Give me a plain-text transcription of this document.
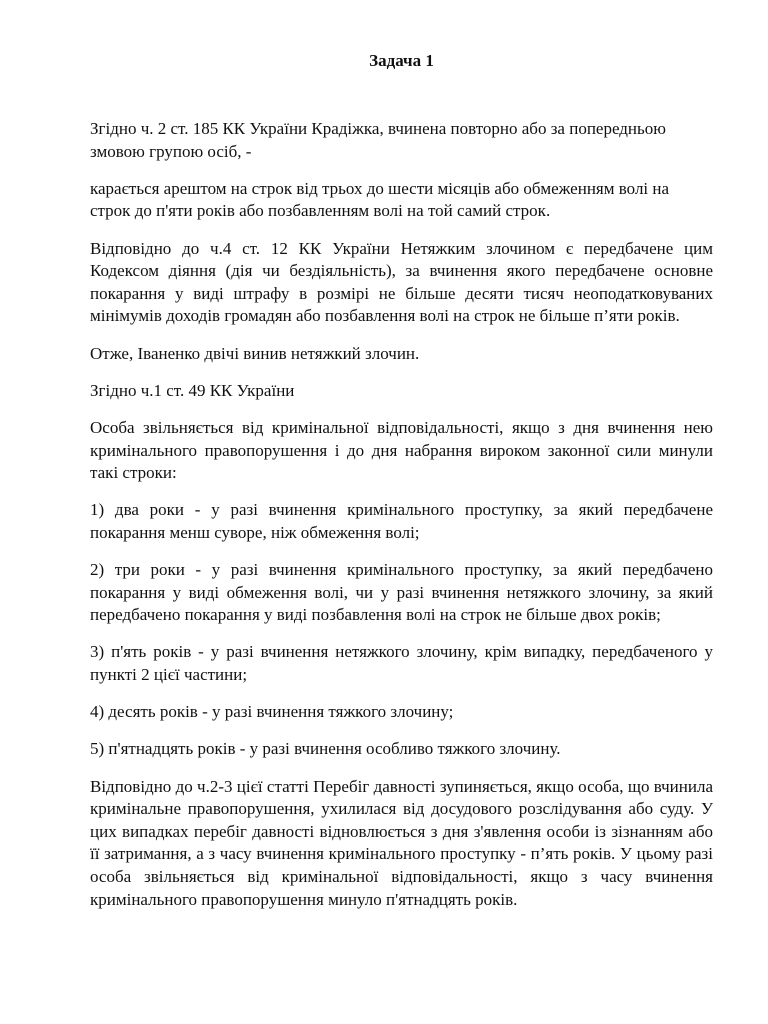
Задача 1

Згідно ч. 2 ст. 185 КК України Крадіжка, вчинена повторно або за попередньою змовою групою осіб, -

карається арештом на строк від трьох до шести місяців або обмеженням волі на строк до п'яти років або позбавленням волі на той самий строк.

Відповідно до ч.4 ст. 12 КК України Нетяжким злочином є передбачене цим Кодексом діяння (дія чи бездіяльність), за вчинення якого передбачене основне покарання у виді штрафу в розмірі не більше десяти тисяч неоподатковуваних мінімумів доходів громадян або позбавлення волі на строк не більше п’яти років.

Отже, Іваненко двічі винив нетяжкий злочин.

Згідно ч.1 ст. 49 КК України

Особа звільняється від кримінальної відповідальності, якщо з дня вчинення нею кримінального правопорушення і до дня набрання вироком законної сили минули такі строки:

1) два роки - у разі вчинення кримінального проступку, за який передбачене покарання менш суворе, ніж обмеження волі;

2) три роки - у разі вчинення кримінального проступку, за який передбачено покарання у виді обмеження волі, чи у разі вчинення нетяжкого злочину, за який передбачено покарання у виді позбавлення волі на строк не більше двох років;

3) п'ять років - у разі вчинення нетяжкого злочину, крім випадку, передбаченого у пункті 2 цієї частини;

4) десять років - у разі вчинення тяжкого злочину;

5) п'ятнадцять років - у разі вчинення особливо тяжкого злочину.

Відповідно до ч.2-3 цієї статті Перебіг давності зупиняється, якщо особа, що вчинила кримінальне правопорушення, ухилилася від досудового розслідування або суду. У цих випадках перебіг давності відновлюється з дня з'явлення особи із зізнанням або її затримання, а з часу вчинення кримінального проступку - п’ять років. У цьому разі особа звільняється від кримінальної відповідальності, якщо з часу вчинення кримінального правопорушення минуло п'ятнадцять років.
